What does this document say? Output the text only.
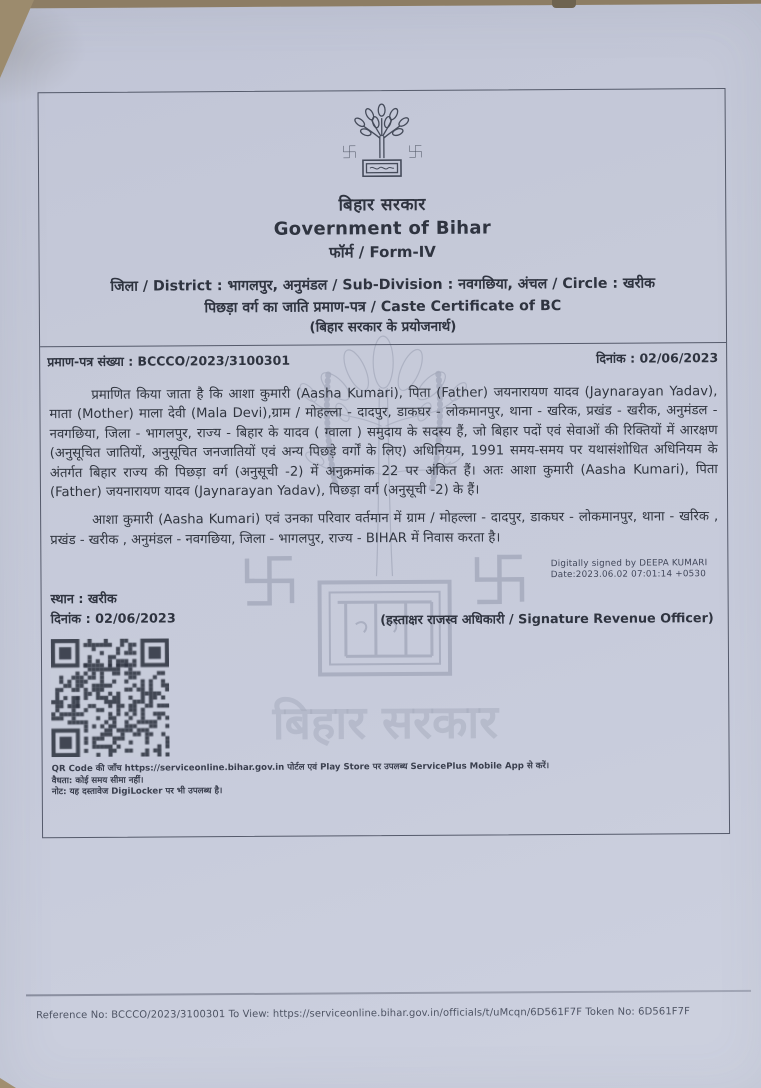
बिहार सरकार
बिहार सरकार
Government of Bihar
फॉर्म / Form-IV
जिला / District : भागलपुर, अनुमंडल / Sub-Division : नवगछिया, अंचल / Circle : खरीक
पिछड़ा वर्ग का जाति प्रमाण-पत्र / Caste Certificate of BC
(बिहार सरकार के प्रयोजनार्थ)
प्रमाण-पत्र संख्या : BCCCO/2023/3100301	दिनांक : 02/06/2023
प्रमाणित किया जाता है कि आशा कुमारी (Aasha Kumari), पिता (Father) जयनारायण यादव (Jaynarayan Yadav), माता (Mother) माला देवी (Mala Devi),ग्राम / मोहल्ला - दादपुर, डाकघर - लोकमानपुर, थाना - खरिक, प्रखंड - खरीक, अनुमंडल - नवगछिया, जिला - भागलपुर, राज्य - बिहार के यादव ( ग्वाला ) समुदाय के सदस्य हैं, जो बिहार पदों एवं सेवाओं की रिक्तियों में आरक्षण (अनुसूचित जातियों, अनुसूचित जनजातियों एवं अन्य पिछड़े वर्गों के लिए) अधिनियम, 1991 समय-समय पर यथासंशोधित अधिनियम के अंतर्गत बिहार राज्य की पिछड़ा वर्ग (अनुसूची -2) में अनुक्रमांक 22 पर अंकित हैं। अतः आशा कुमारी (Aasha Kumari), पिता (Father) जयनारायण यादव (Jaynarayan Yadav), पिछड़ा वर्ग (अनुसूची -2) के हैं।
आशा कुमारी (Aasha Kumari) एवं उनका परिवार वर्तमान में ग्राम / मोहल्ला - दादपुर, डाकघर - लोकमानपुर, थाना - खरिक , प्रखंड - खरीक , अनुमंडल - नवगछिया, जिला - भागलपुर, राज्य - BIHAR में निवास करता है।
Digitally signed by DEEPA KUMARI
Date:2023.06.02 07:01:14 +0530
स्थान : खरीक
दिनांक : 02/06/2023	(हस्ताक्षर राजस्व अधिकारी / Signature Revenue Officer)
QR Code की जाँच https://serviceonline.bihar.gov.in पोर्टल एवं Play Store पर उपलब्ध ServicePlus Mobile App से करें।
वैधता: कोई समय सीमा नहीं।
नोट: यह दस्तावेज DigiLocker पर भी उपलब्ध है।
Reference No: BCCCO/2023/3100301 To View: https://serviceonline.bihar.gov.in/officials/t/uMcqn/6D561F7F Token No: 6D561F7F
